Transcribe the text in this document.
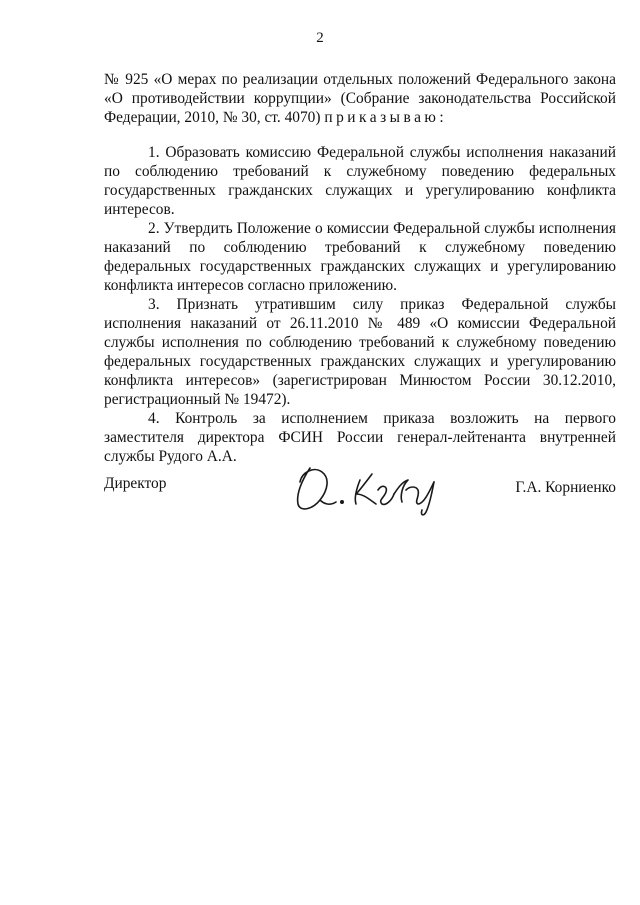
2

№ 925 «О мерах по реализации отдельных положений Федерального закона «О противодействии коррупции» (Собрание законодательства Российской Федерации, 2010, № 30, ст. 4070) приказываю:

1. Образовать комиссию Федеральной службы исполнения наказаний по соблюдению требований к служебному поведению федеральных государственных гражданских служащих и урегулированию конфликта интересов.

2. Утвердить Положение о комиссии Федеральной службы исполнения наказаний по соблюдению требований к служебному поведению федеральных государственных гражданских служащих и урегулированию конфликта интересов согласно приложению.

3. Признать утратившим силу приказ Федеральной службы исполнения наказаний от 26.11.2010 № 489 «О комиссии Федеральной службы исполнения по соблюдению требований к служебному поведению федеральных государственных гражданских служащих и урегулированию конфликта интересов» (зарегистрирован Минюстом России 30.12.2010, регистрационный № 19472).

4. Контроль за исполнением приказа возложить на первого заместителя директора ФСИН России генерал-лейтенанта внутренней службы Рудого А.А.

Директор	Г.А. Корниенко
